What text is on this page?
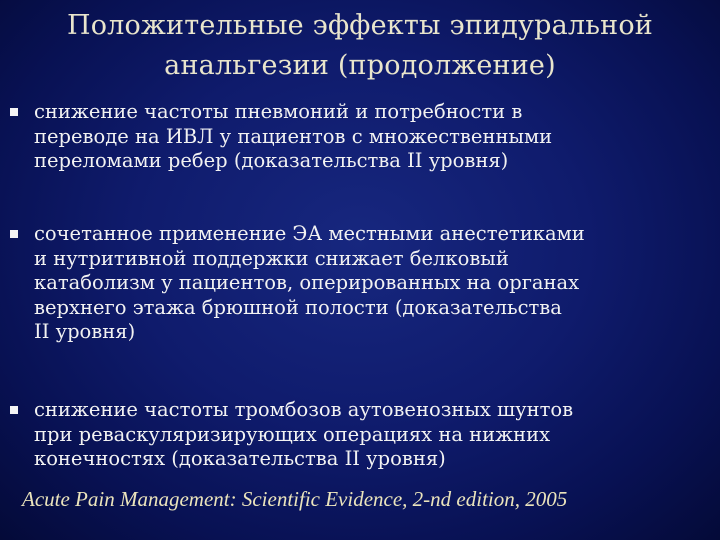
Положительные эффекты эпидуральной
анальгезии (продолжение)
снижение частоты пневмоний и потребности в
переводе на ИВЛ у пациентов с множественными
переломами ребер (доказательства II уровня)
сочетанное применение ЭА местными анестетиками
и нутритивной поддержки снижает белковый
катаболизм у пациентов, оперированных на органах
верхнего этажа брюшной полости (доказательства
II уровня)
снижение частоты тромбозов аутовенозных шунтов
при реваскуляризирующих операциях на нижних
конечностях (доказательства II уровня)
Acute Pain Management: Scientific Evidence, 2-nd edition, 2005
